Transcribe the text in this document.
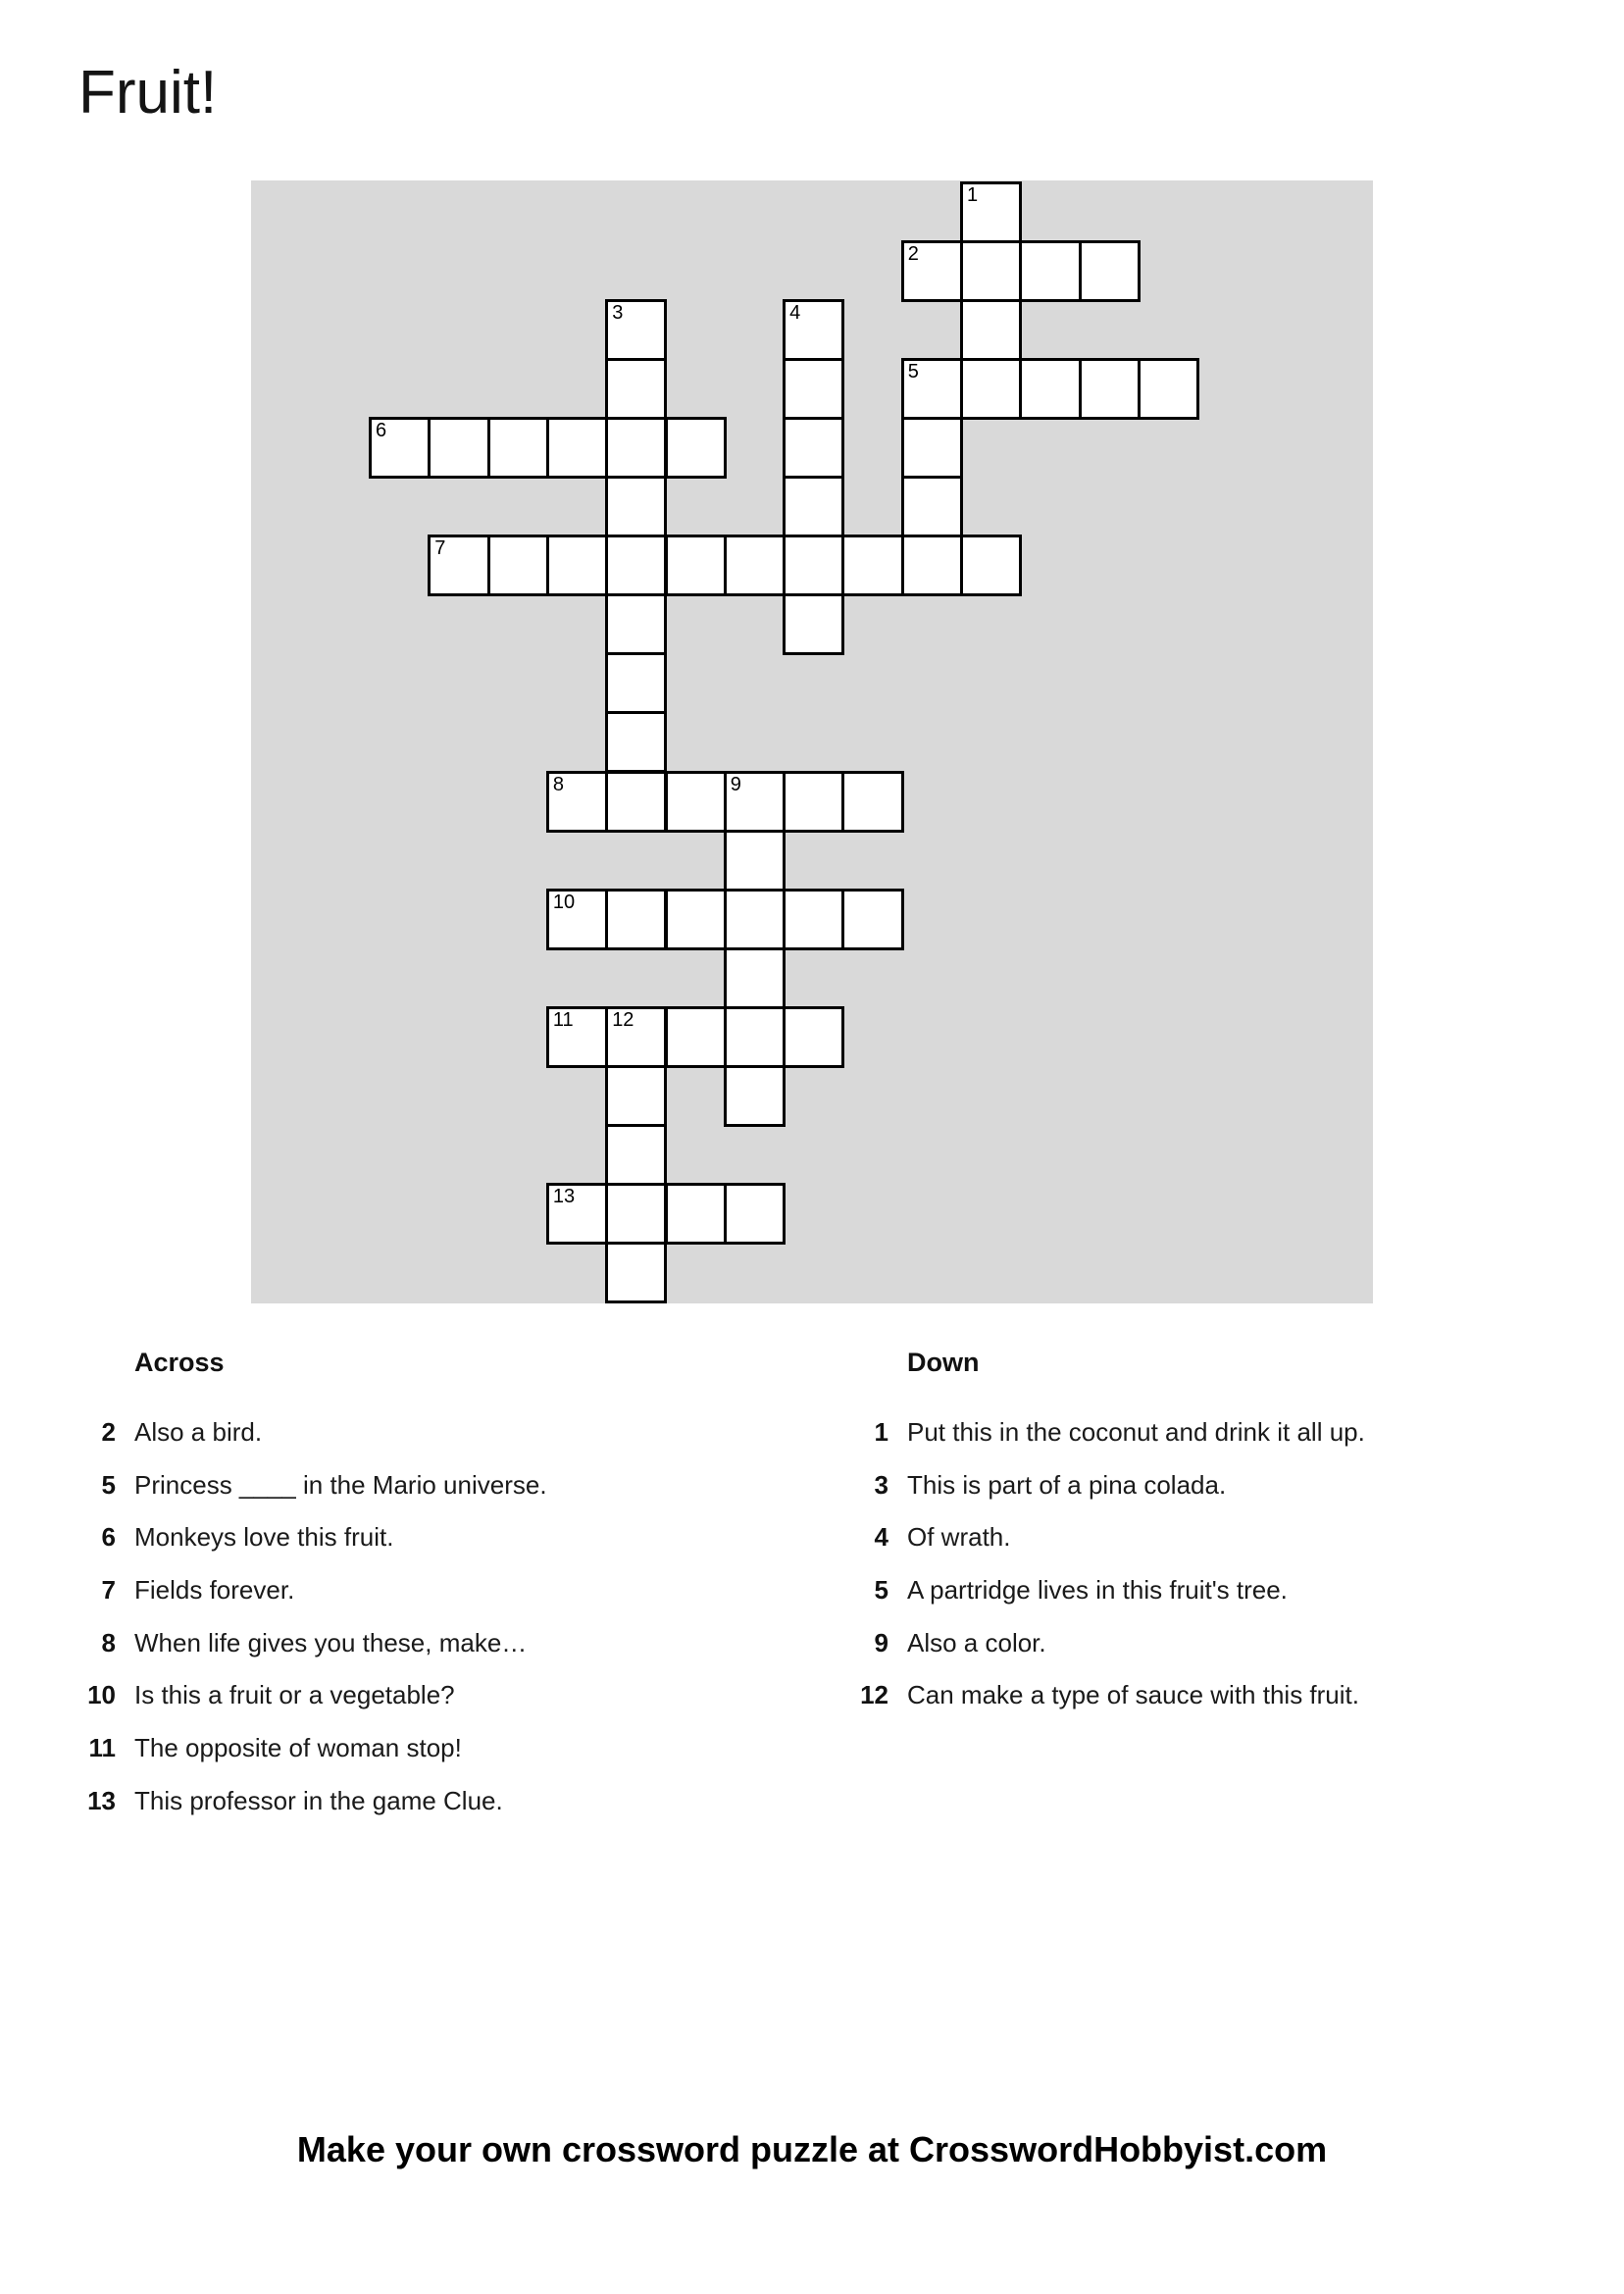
Fruit!
1
2
3	4
5
6
7
8	9
10
11 12
13
Across
2 Also a bird.
5 Princess ____ in the Mario universe.
6 Monkeys love this fruit.
7 Fields forever.
8 When life gives you these, make…
10 Is this a fruit or a vegetable?
11 The opposite of woman stop!
13 This professor in the game Clue.
Down
1 Put this in the coconut and drink it all up.
3 This is part of a pina colada.
4 Of wrath.
5 A partridge lives in this fruit's tree.
9 Also a color.
12 Can make a type of sauce with this fruit.
Make your own crossword puzzle at CrosswordHobbyist.com
